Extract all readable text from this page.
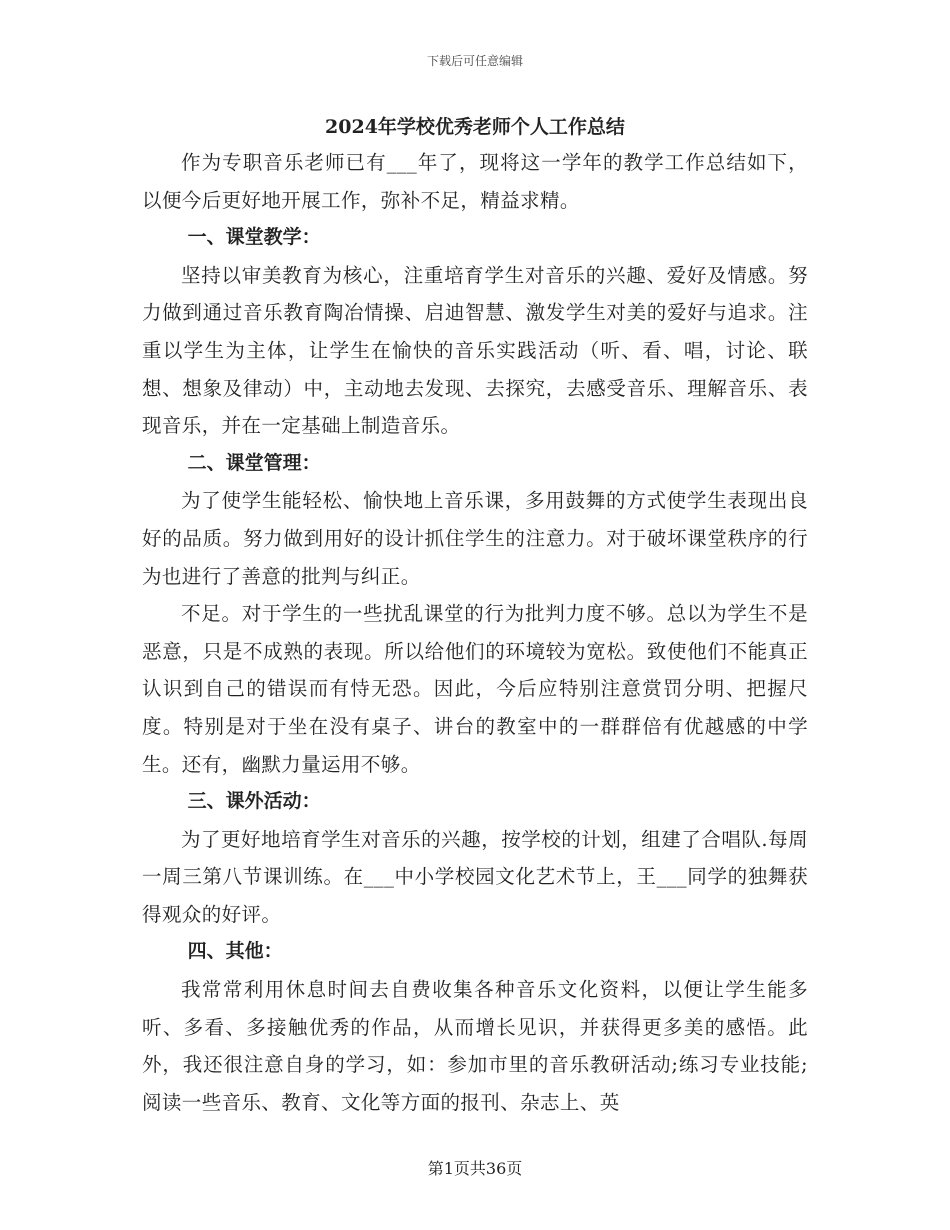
下载后可任意编辑
2024年学校优秀老师个人工作总结

作为专职音乐老师已有___年了，现将这一学年的教学工作总结如下，以便今后更好地开展工作，弥补不足，精益求精。

一、课堂教学：

坚持以审美教育为核心，注重培育学生对音乐的兴趣、爱好及情感。努力做到通过音乐教育陶冶情操、启迪智慧、激发学生对美的爱好与追求。注重以学生为主体，让学生在愉快的音乐实践活动（听、看、唱，讨论、联想、想象及律动）中，主动地去发现、去探究，去感受音乐、理解音乐、表现音乐，并在一定基础上制造音乐。

二、课堂管理：

为了使学生能轻松、愉快地上音乐课，多用鼓舞的方式使学生表现出良好的品质。努力做到用好的设计抓住学生的注意力。对于破坏课堂秩序的行为也进行了善意的批判与纠正。

不足。对于学生的一些扰乱课堂的行为批判力度不够。总以为学生不是恶意，只是不成熟的表现。所以给他们的环境较为宽松。致使他们不能真正认识到自己的错误而有恃无恐。因此，今后应特别注意赏罚分明、把握尺度。特别是对于坐在没有桌子、讲台的教室中的一群群倍有优越感的中学生。还有，幽默力量运用不够。

三、课外活动：

为了更好地培育学生对音乐的兴趣，按学校的计划，组建了合唱队.每周一周三第八节课训练。在___中小学校园文化艺术节上，王___同学的独舞获得观众的好评。

四、其他：

我常常利用休息时间去自费收集各种音乐文化资料，以便让学生能多听、多看、多接触优秀的作品，从而增长见识，并获得更多美的感悟。此外，我还很注意自身的学习，如：参加市里的音乐教研活动;练习专业技能;阅读一些音乐、教育、文化等方面的报刊、杂志上、英

第1页共36页
